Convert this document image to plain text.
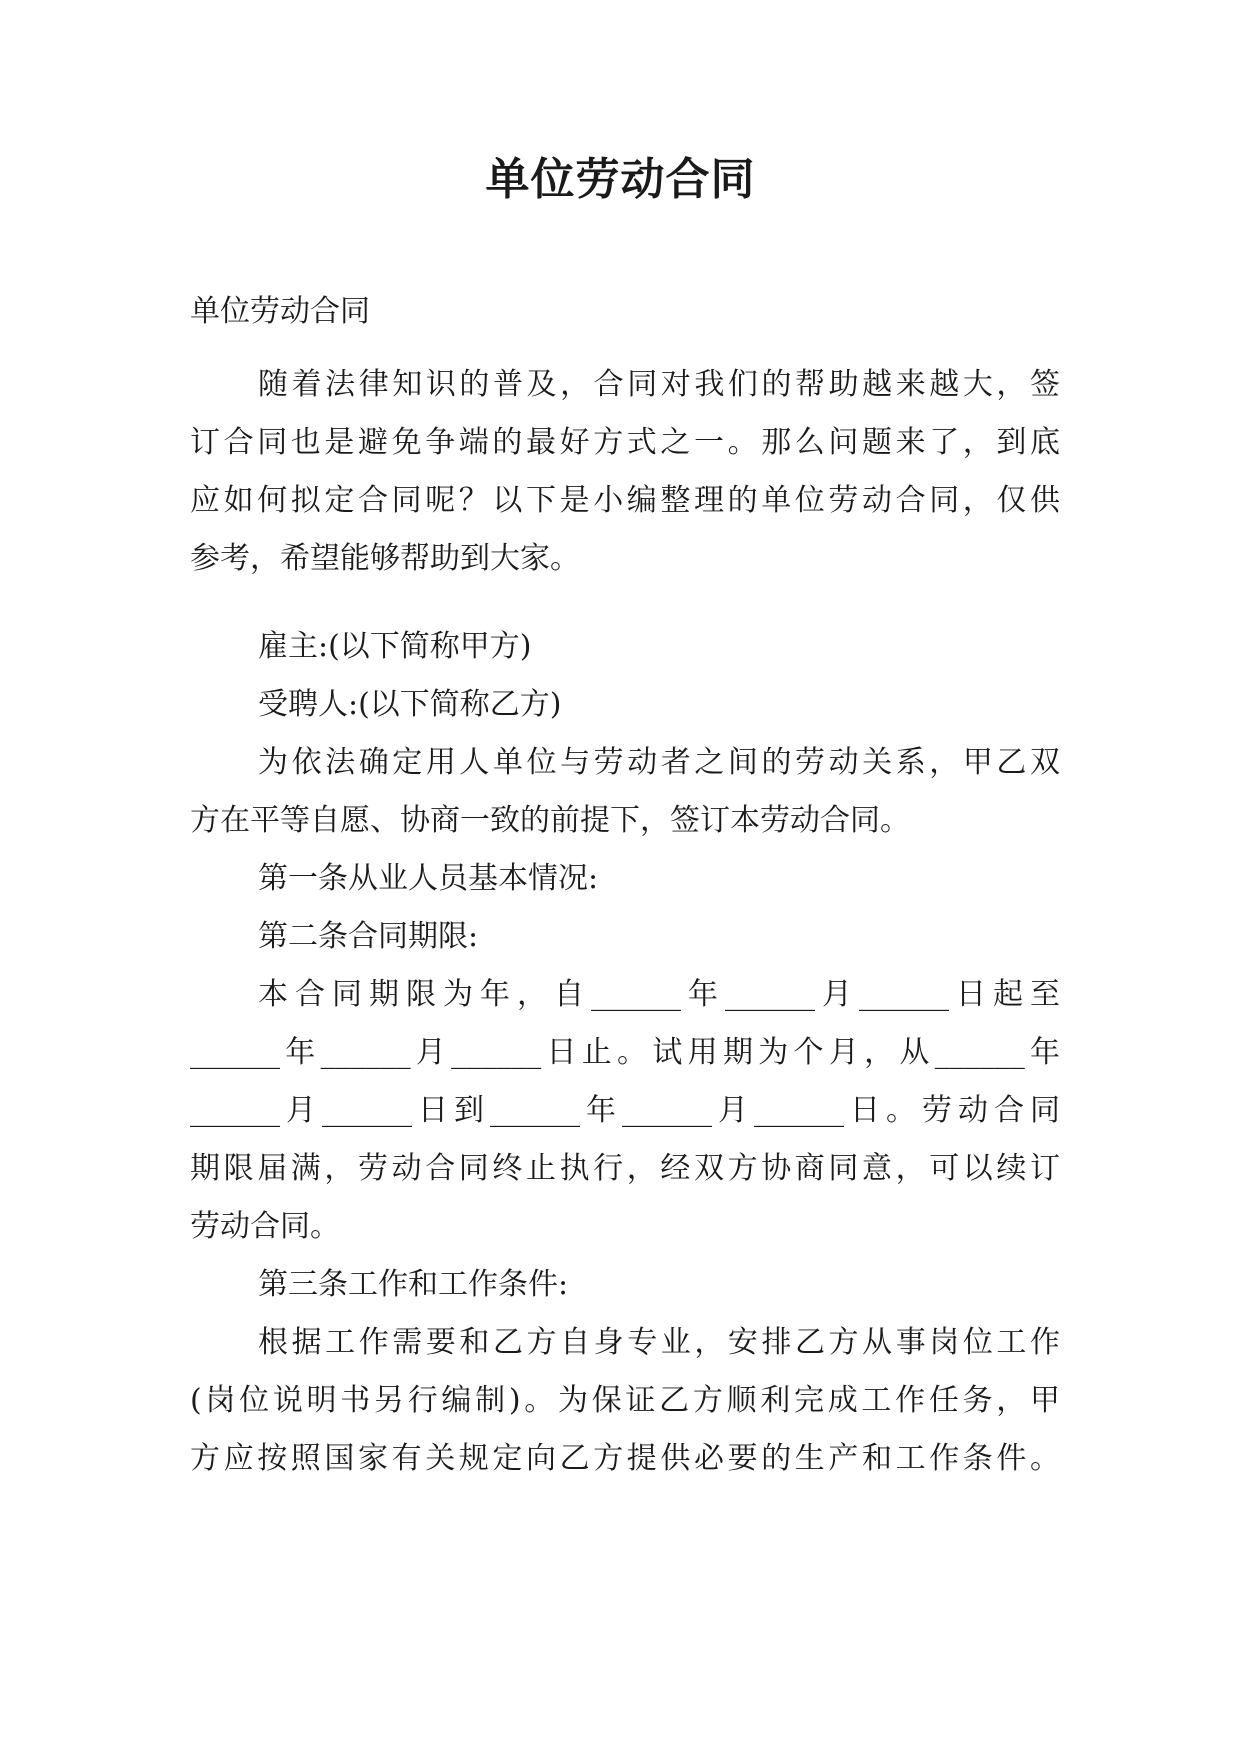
单位劳动合同
单位劳动合同

随着法律知识的普及，合同对我们的帮助越来越大，签

订合同也是避免争端的最好方式之一。那么问题来了，到底

应如何拟定合同呢？以下是小编整理的单位劳动合同，仅供

参考，希望能够帮助到大家。

雇主:(以下简称甲方)

受聘人:(以下简称乙方)

为依法确定用人单位与劳动者之间的劳动关系，甲乙双

方在平等自愿、协商一致的前提下，签订本劳动合同。

第一条从业人员基本情况:

第二条合同期限:

本合同期限为年，自______年______月______日起至

______年______月______日止。试用期为个月，从______年

______月______日到______年______月______日。劳动合同

期限届满，劳动合同终止执行，经双方协商同意，可以续订

劳动合同。

第三条工作和工作条件:

根据工作需要和乙方自身专业，安排乙方从事岗位工作

(岗位说明书另行编制)。为保证乙方顺利完成工作任务，甲

方应按照国家有关规定向乙方提供必要的生产和工作条件。
